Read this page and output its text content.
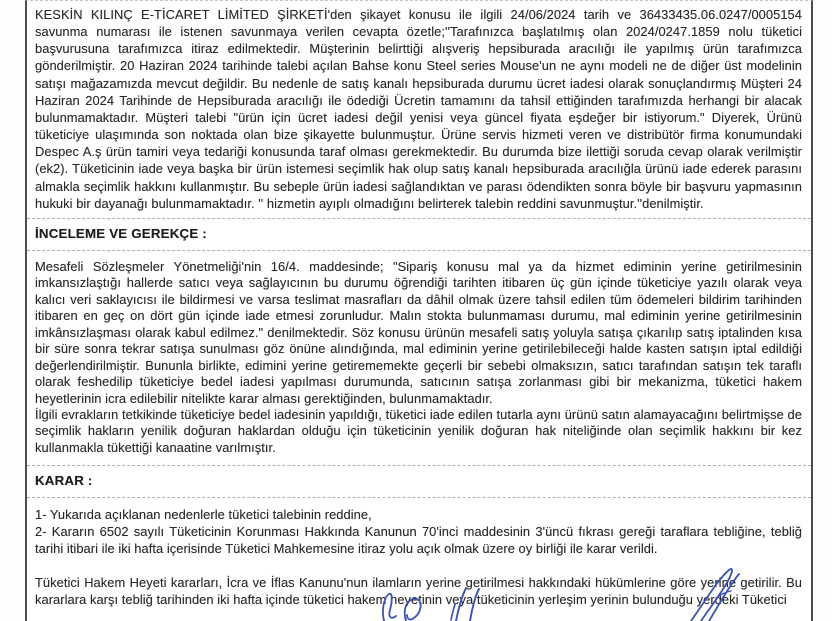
KESKİN KILINÇ E-TİCARET LİMİTED ŞİRKETİ'den şikayet konusu ile ilgili 24/06/2024 tarih ve 36433435.06.0247/0005154 savunma numarası ile istenen savunmaya verilen cevapta özetle;''Tarafınızca başlatılmış olan 2024/0247.1859 nolu tüketici başvurusuna tarafımızca itiraz edilmektedir. Müşterinin belirttiği alışveriş hepsiburada aracılığı ile yapılmış ürün tarafımızca gönderilmiştir. 20 Haziran 2024 tarihinde talebi açılan Bahse konu Steel series Mouse'un ne aynı modeli ne de diğer üst modelinin satışı mağazamızda mevcut değildir. Bu nedenle de satış kanalı hepsiburada durumu ücret iadesi olarak sonuçlandırmış Müşteri 24 Haziran 2024 Tarihinde de Hepsiburada aracılığı ile ödediği Ücretin tamamını da tahsil ettiğinden tarafımızda herhangi bir alacak bulunmamaktadır. Müşteri talebi "ürün için ücret iadesi değil yenisi veya güncel fiyata eşdeğer bir istiyorum." Diyerek, Ürünü tüketiciye ulaşımında son noktada olan bize şikayette bulunmuştur. Ürüne servis hizmeti veren ve distribütör firma konumundaki Despec A.ş ürün tamiri veya tedariği konusunda taraf olması gerekmektedir. Bu durumda bize ilettiği soruda cevap olarak verilmiştir (ek2). Tüketicinin iade veya başka bir ürün istemesi seçimlik hak olup satış kanalı hepsiburada aracılığla ürünü iade ederek parasını almakla seçimlik hakkını kullanmıştır. Bu sebeple ürün iadesi sağlandıktan ve parası ödendikten sonra böyle bir başvuru yapmasının hukuki bir dayanağı bulunmamaktadır. '' hizmetin ayıplı olmadığını belirterek talebin reddini savunmuştur.''denilmiştir.

İNCELEME VE GEREKÇE :

Mesafeli Sözleşmeler Yönetmeliği'nin 16/4. maddesinde; "Sipariş konusu mal ya da hizmet ediminin yerine getirilmesinin imkansızlaştığı hallerde satıcı veya sağlayıcının bu durumu öğrendiği tarihten itibaren üç gün içinde tüketiciye yazılı olarak veya kalıcı veri saklayıcısı ile bildirmesi ve varsa teslimat masrafları da dâhil olmak üzere tahsil edilen tüm ödemeleri bildirim tarihinden itibaren en geç on dört gün içinde iade etmesi zorunludur. Malın stokta bulunmaması durumu, mal ediminin yerine getirilmesinin imkânsızlaşması olarak kabul edilmez." denilmektedir. Söz konusu ürünün mesafeli satış yoluyla satışa çıkarılıp satış iptalinden kısa bir süre sonra tekrar satışa sunulması göz önüne alındığında, mal ediminin yerine getirilebileceği halde kasten satışın iptal edildiği değerlendirilmiştir. Bununla birlikte, edimini yerine getirememekte geçerli bir sebebi olmaksızın, satıcı tarafından satışın tek taraflı olarak feshedilip tüketiciye bedel iadesi yapılması durumunda, satıcının satışa zorlanması gibi bir mekanizma, tüketici hakem heyetlerinin icra edilebilir nitelikte karar alması gerektiğinden, bulunmamaktadır.

İlgili evrakların tetkikinde tüketiciye bedel iadesinin yapıldığı, tüketici iade edilen tutarla aynı ürünü satın alamayacağını belirtmişse de seçimlik hakların yenilik doğuran haklardan olduğu için tüketicinin yenilik doğuran hak niteliğinde olan seçimlik hakkını bir kez kullanmakla tükettiği kanaatine varılmıştır.

KARAR :

1- Yukarıda açıklanan nedenlerle tüketici talebinin reddine,

2- Kararın 6502 sayılı Tüketicinin Korunması Hakkında Kanunun 70'inci maddesinin 3'üncü fıkrası gereği taraflara tebliğine, tebliğ tarihi itibari ile iki hafta içerisinde Tüketici Mahkemesine itiraz yolu açık olmak üzere oy birliği ile karar verildi.

Tüketici Hakem Heyeti kararları, İcra ve İflas Kanunu'nun ilamların yerine getirilmesi hakkındaki hükümlerine göre yerine getirilir. Bu kararlara karşı tebliğ tarihinden iki hafta içinde tüketici hakem heyetinin veya tüketicinin yerleşim yerinin bulunduğu yerdeki Tüketici
